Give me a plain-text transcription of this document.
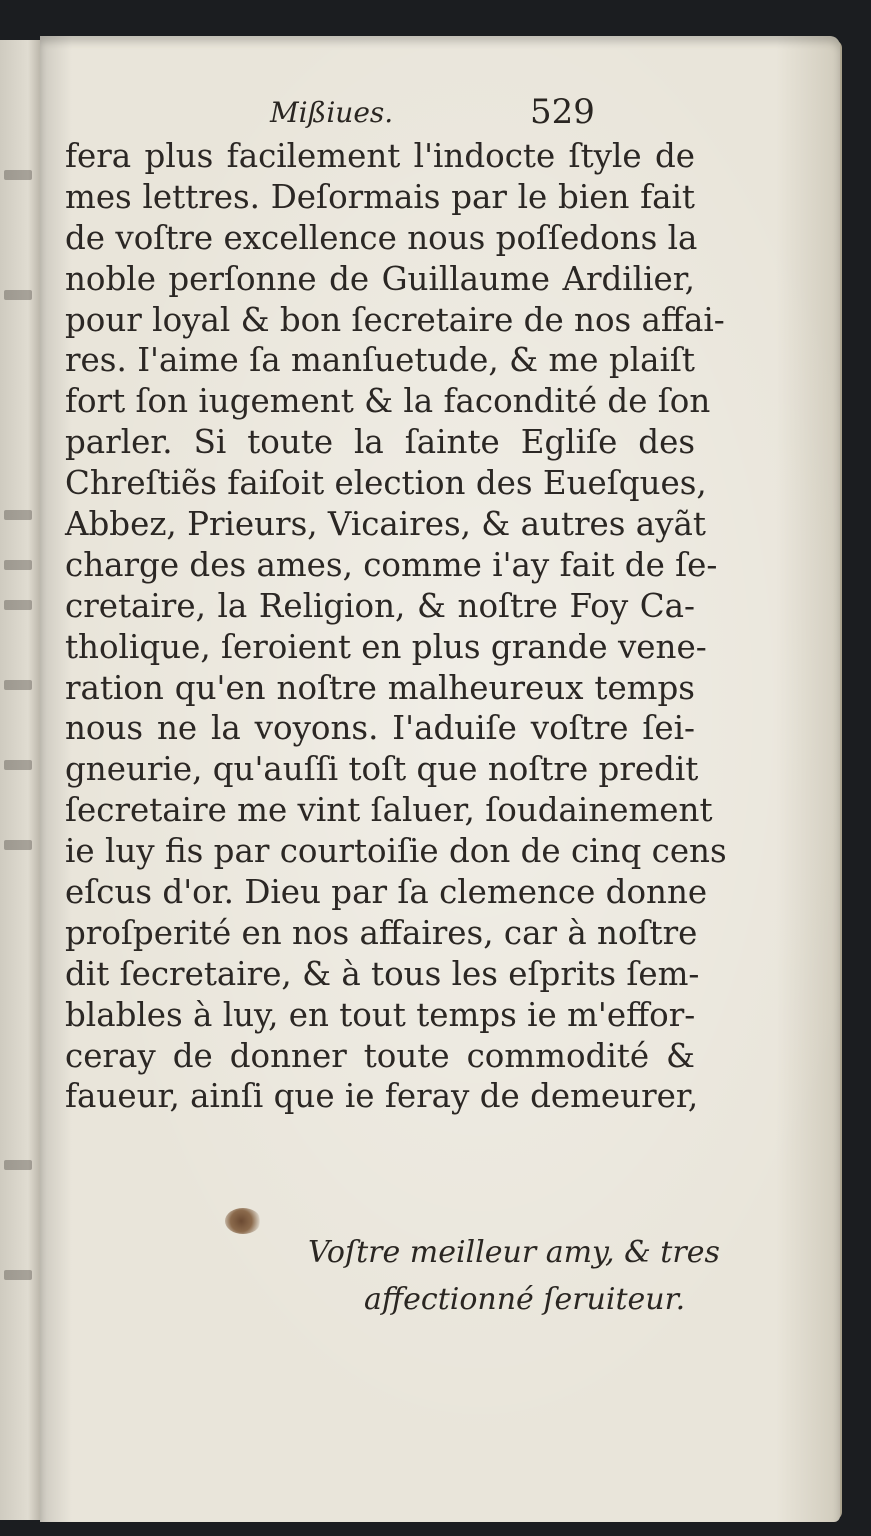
Mißiues.	529
fera plus facilement l'indocte ſtyle de
mes lettres. Deſormais par le bien fait
de voſtre excellence nous poſſedons la
noble perſonne de Guillaume Ardilier,
pour loyal & bon ſecretaire de nos affai-
res. I'aime ſa manſuetude, & me plaiſt
fort ſon iugement & la facondité de ſon
parler. Si toute la ſainte Egliſe des
Chreſtiẽs faiſoit election des Eueſques,
Abbez, Prieurs, Vicaires, & autres ayãt
charge des ames, comme i'ay fait de ſe-
cretaire, la Religion, & noſtre Foy Ca-
tholique, ſeroient en plus grande vene-
ration qu'en noſtre malheureux temps
nous ne la voyons. I'aduiſe voſtre ſei-
gneurie, qu'auſſi toſt que noſtre predit
ſecretaire me vint ſaluer, ſoudainement
ie luy fis par courtoiſie don de cinq cens
eſcus d'or. Dieu par ſa clemence donne
proſperité en nos affaires, car à noſtre
dit ſecretaire, & à tous les eſprits ſem-
blables à luy, en tout temps ie m'effor-
ceray de donner toute commodité &
faueur, ainſi que ie feray de demeurer,
Voſtre meilleur amy, & tres
affectionné ſeruiteur.
